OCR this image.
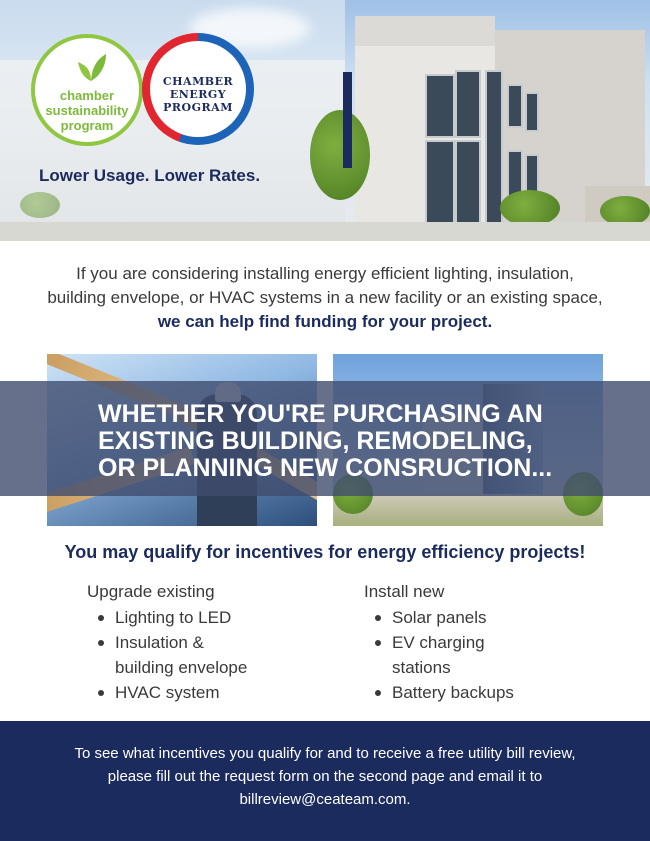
chamber
sustainability
program
CHAMBER
ENERGY
PROGRAM
Lower Usage. Lower Rates.
If you are considering installing energy efficient lighting, insulation,
building envelope, or HVAC systems in a new facility or an existing space,
we can help find funding for your project.
WHETHER YOU'RE PURCHASING AN
EXISTING BUILDING, REMODELING,
OR PLANNING NEW CONSRUCTION...
You may qualify for incentives for energy efficiency projects!
Upgrade existing
Lighting to LED
Insulation &
building envelope
HVAC system
Install new
Solar panels
EV charging
stations
Battery backups
To see what incentives you qualify for and to receive a free utility bill review,
please fill out the request form on the second page and email it to
billreview@ceateam.com.
